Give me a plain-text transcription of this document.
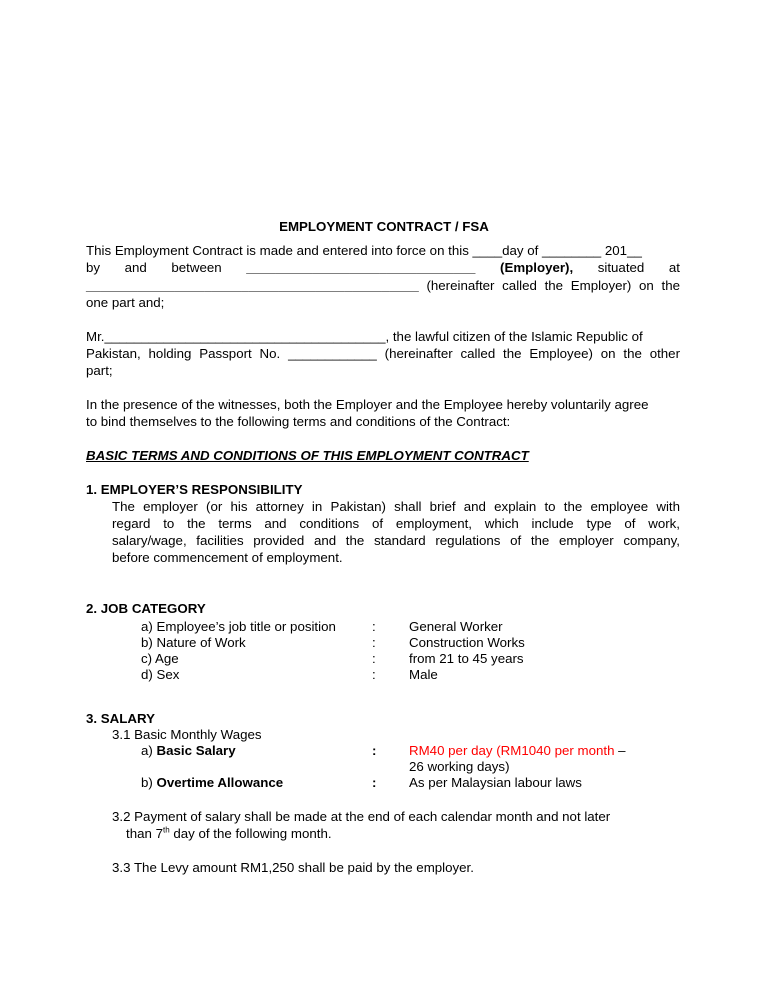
EMPLOYMENT CONTRACT / FSA
This Employment Contract is made and entered into force on this ____day of ________ 201__
by and between _______________________________ (Employer), situated at
_____________________________________________ (hereinafter called the Employer) on the
one part and;
Mr.______________________________________, the lawful citizen of the Islamic Republic of
Pakistan, holding Passport No. ____________ (hereinafter called the Employee) on the other
part;
In the presence of the witnesses, both the Employer and the Employee hereby voluntarily agree
to bind themselves to the following terms and conditions of the Contract:
BASIC TERMS AND CONDITIONS OF THIS EMPLOYMENT CONTRACT
1. EMPLOYER’S RESPONSIBILITY
The employer (or his attorney in Pakistan) shall brief and explain to the employee with
regard to the terms and conditions of employment, which include type of work,
salary/wage, facilities provided and the standard regulations of the employer company,
before commencement of employment.
2. JOB CATEGORY
a) Employee’s job title or position	:	General Worker
b) Nature of Work	:	Construction Works
c) Age	:	from 21 to 45 years
d) Sex	:	Male
3. SALARY
3.1 Basic Monthly Wages
a) Basic Salary	: RM40 per day (RM1040 per month –
26 working days)
b) Overtime Allowance	: As per Malaysian labour laws
3.2 Payment of salary shall be made at the end of each calendar month and not later
than 7th day of the following month.
3.3 The Levy amount RM1,250 shall be paid by the employer.
